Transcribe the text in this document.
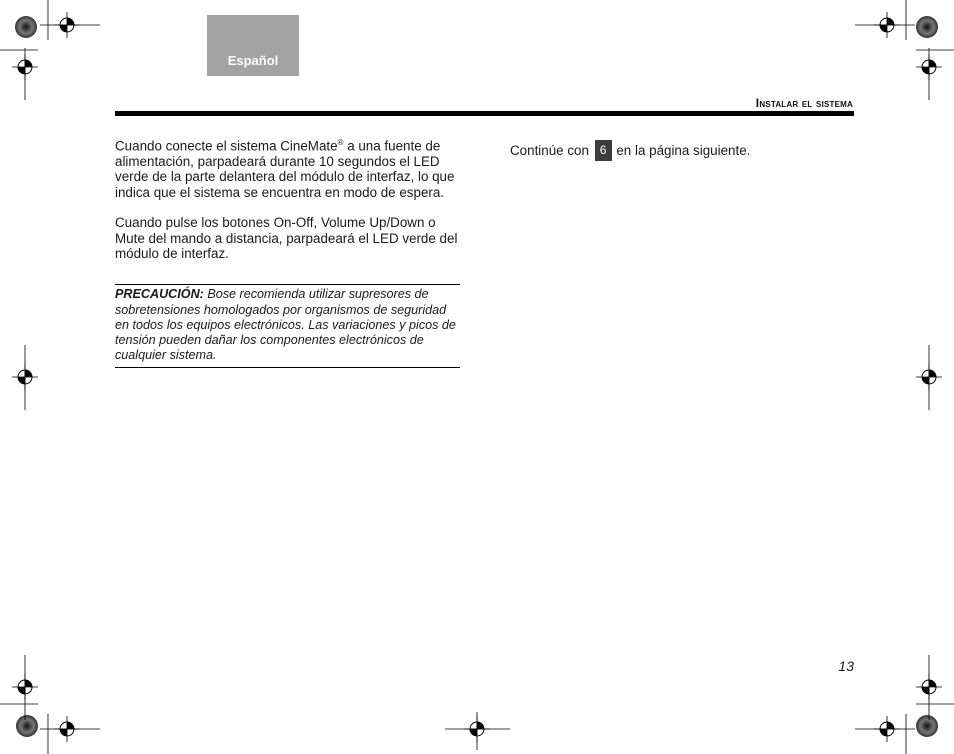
Español
Instalar el sistema

Cuando conecte el sistema CineMate® a una fuente de alimentación, parpadeará durante 10 segundos el LED verde de la parte delantera del módulo de interfaz, lo que indica que el sistema se encuentra en modo de espera.

Cuando pulse los botones On-Off, Volume Up/Down o Mute del mando a distancia, parpadeará el LED verde del módulo de interfaz.

PRECAUCIÓN: Bose recomienda utilizar supresores de sobretensiones homologados por organismos de seguridad en todos los equipos electrónicos. Las variaciones y picos de tensión pueden dañar los componentes electrónicos de cualquier sistema.
Continúe con 6 en la página siguiente.
13
